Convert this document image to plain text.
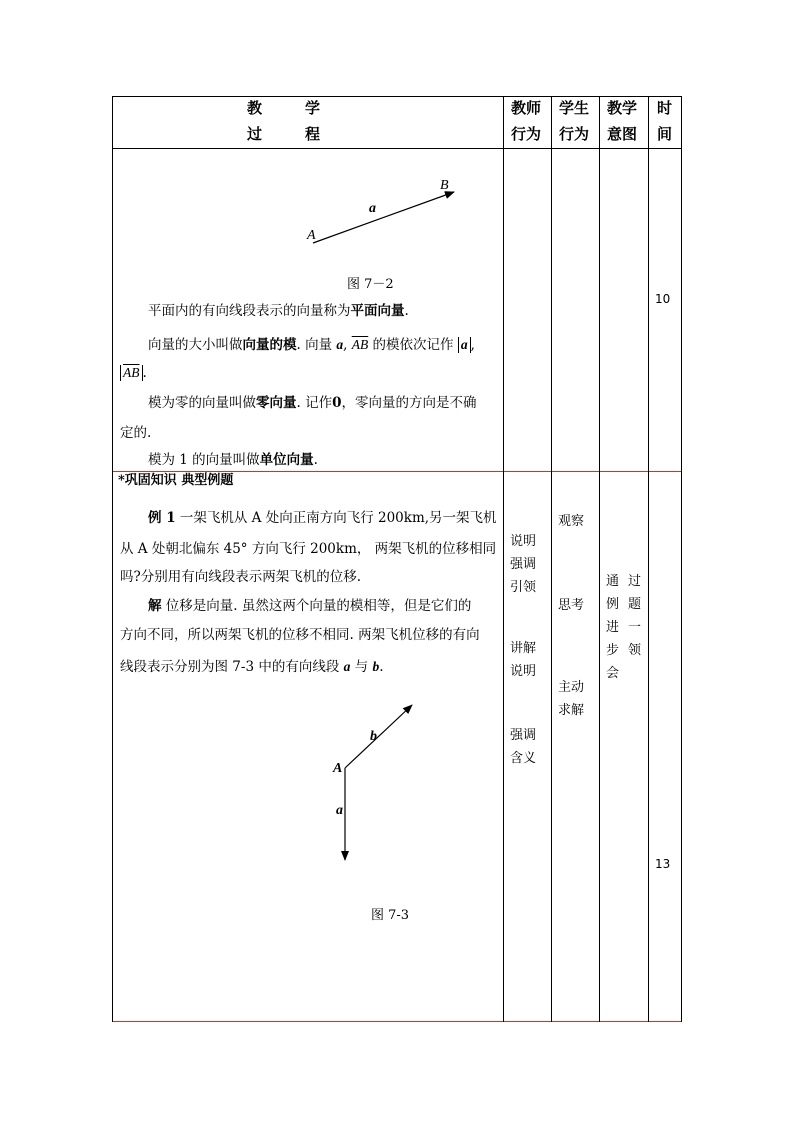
教	学
过	程
教师
行为
学生
行为
教学
意图
时
间
A
B
a
图 7－2
平面内的有向线段表示的向量称为平面向量.
向量的大小叫做向量的模. 向量 a, $\overline{AB}$ 的模依次记作 a ,
$\overline{AB}$ .
模为零的向量叫做零向量. 记作0，零向量的方向是不确
定的.
模为 1 的向量叫做单位向量.
10
*巩固知识 典型例题
例 1 一架飞机从 A 处向正南方向飞行 200km,另一架飞机
从 A 处朝北偏东 45° 方向飞行 200km， 两架飞机的位移相同
吗?分别用有向线段表示两架飞机的位移.
解 位移是向量. 虽然这两个向量的模相等，但是它们的
方向不同，所以两架飞机的位移不相同. 两架飞机位移的有向
线段表示分别为图 7-3 中的有向线段 a 与 b.
A
b
a
图 7-3
说明
强调
引领
讲解
说明
强调
含义
观察
思考
主动
求解
通 过
例 题
进 一
步 领
会
13
